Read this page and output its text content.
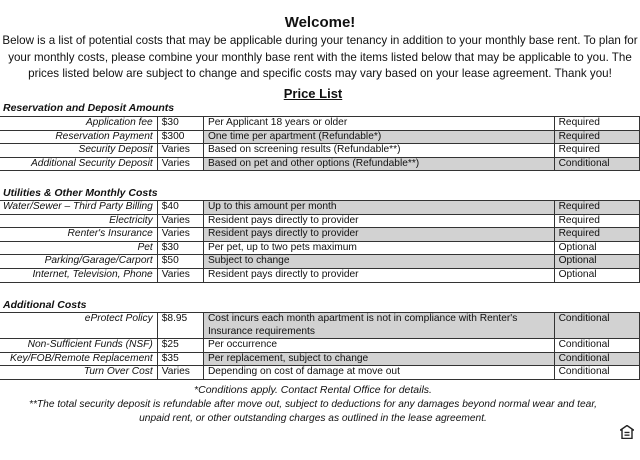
Welcome!
Below is a list of potential costs that may be applicable during your tenancy in addition to your monthly base rent. To plan for
your monthly costs, please combine your monthly base rent with the items listed below that may be applicable to you. The
prices listed below are subject to change and specific costs may vary based on your lease agreement. Thank you!
Price List
Reservation and Deposit Amounts
Application fee	$30	Per Applicant 18 years or older	Required
Reservation Payment	$300	One time per apartment (Refundable*)	Required
Security Deposit	Varies	Based on screening results (Refundable**)	Required
Additional Security Deposit	Varies	Based on pet and other options (Refundable**)	Conditional
Utilities & Other Monthly Costs
Water/Sewer – Third Party Billing	$40	Up to this amount per month	Required
Electricity	Varies	Resident pays directly to provider	Required
Renter's Insurance	Varies	Resident pays directly to provider	Required
Pet	$30	Per pet, up to two pets maximum	Optional
Parking/Garage/Carport	$50	Subject to change	Optional
Internet, Television, Phone	Varies	Resident pays directly to provider	Optional
Additional Costs
eProtect Policy	$8.95	Cost incurs each month apartment is not in compliance with Renter's Insurance requirements	Conditional
Non-Sufficient Funds (NSF)	$25	Per occurrence	Conditional
Key/FOB/Remote Replacement	$35	Per replacement, subject to change	Conditional
Turn Over Cost	Varies	Depending on cost of damage at move out	Conditional
*Conditions apply. Contact Rental Office for details.
**The total security deposit is refundable after move out, subject to deductions for any damages beyond normal wear and tear,
unpaid rent, or other outstanding charges as outlined in the lease agreement.
